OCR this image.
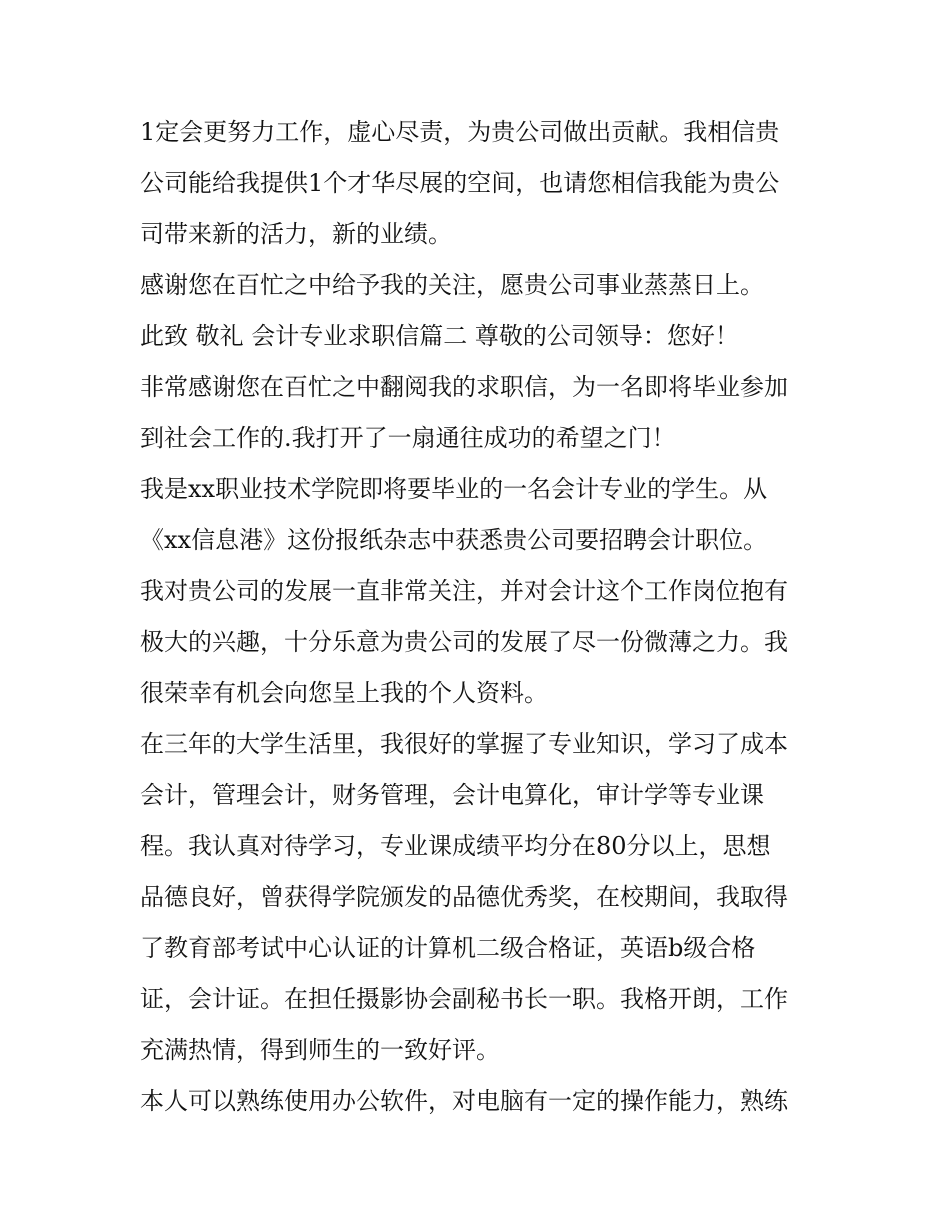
1定会更努力工作，虚心尽责，为贵公司做出贡献。我相信贵
公司能给我提供1个才华尽展的空间，也请您相信我能为贵公
司带来新的活力，新的业绩。
感谢您在百忙之中给予我的关注，愿贵公司事业蒸蒸日上。
此致 敬礼 会计专业求职信篇二 尊敬的公司领导：您好！
非常感谢您在百忙之中翻阅我的求职信，为一名即将毕业参加
到社会工作的.我打开了一扇通往成功的希望之门！
我是xx职业技术学院即将要毕业的一名会计专业的学生。从
《xx信息港》这份报纸杂志中获悉贵公司要招聘会计职位。
我对贵公司的发展一直非常关注，并对会计这个工作岗位抱有
极大的兴趣，十分乐意为贵公司的发展了尽一份微薄之力。我
很荣幸有机会向您呈上我的个人资料。
在三年的大学生活里，我很好的掌握了专业知识，学习了成本
会计，管理会计，财务管理，会计电算化，审计学等专业课
程。我认真对待学习，专业课成绩平均分在80分以上，思想
品德良好，曾获得学院颁发的品德优秀奖，在校期间，我取得
了教育部考试中心认证的计算机二级合格证，英语b级合格
证，会计证。在担任摄影协会副秘书长一职。我格开朗，工作
充满热情，得到师生的一致好评。
本人可以熟练使用办公软件，对电脑有一定的操作能力，熟练
